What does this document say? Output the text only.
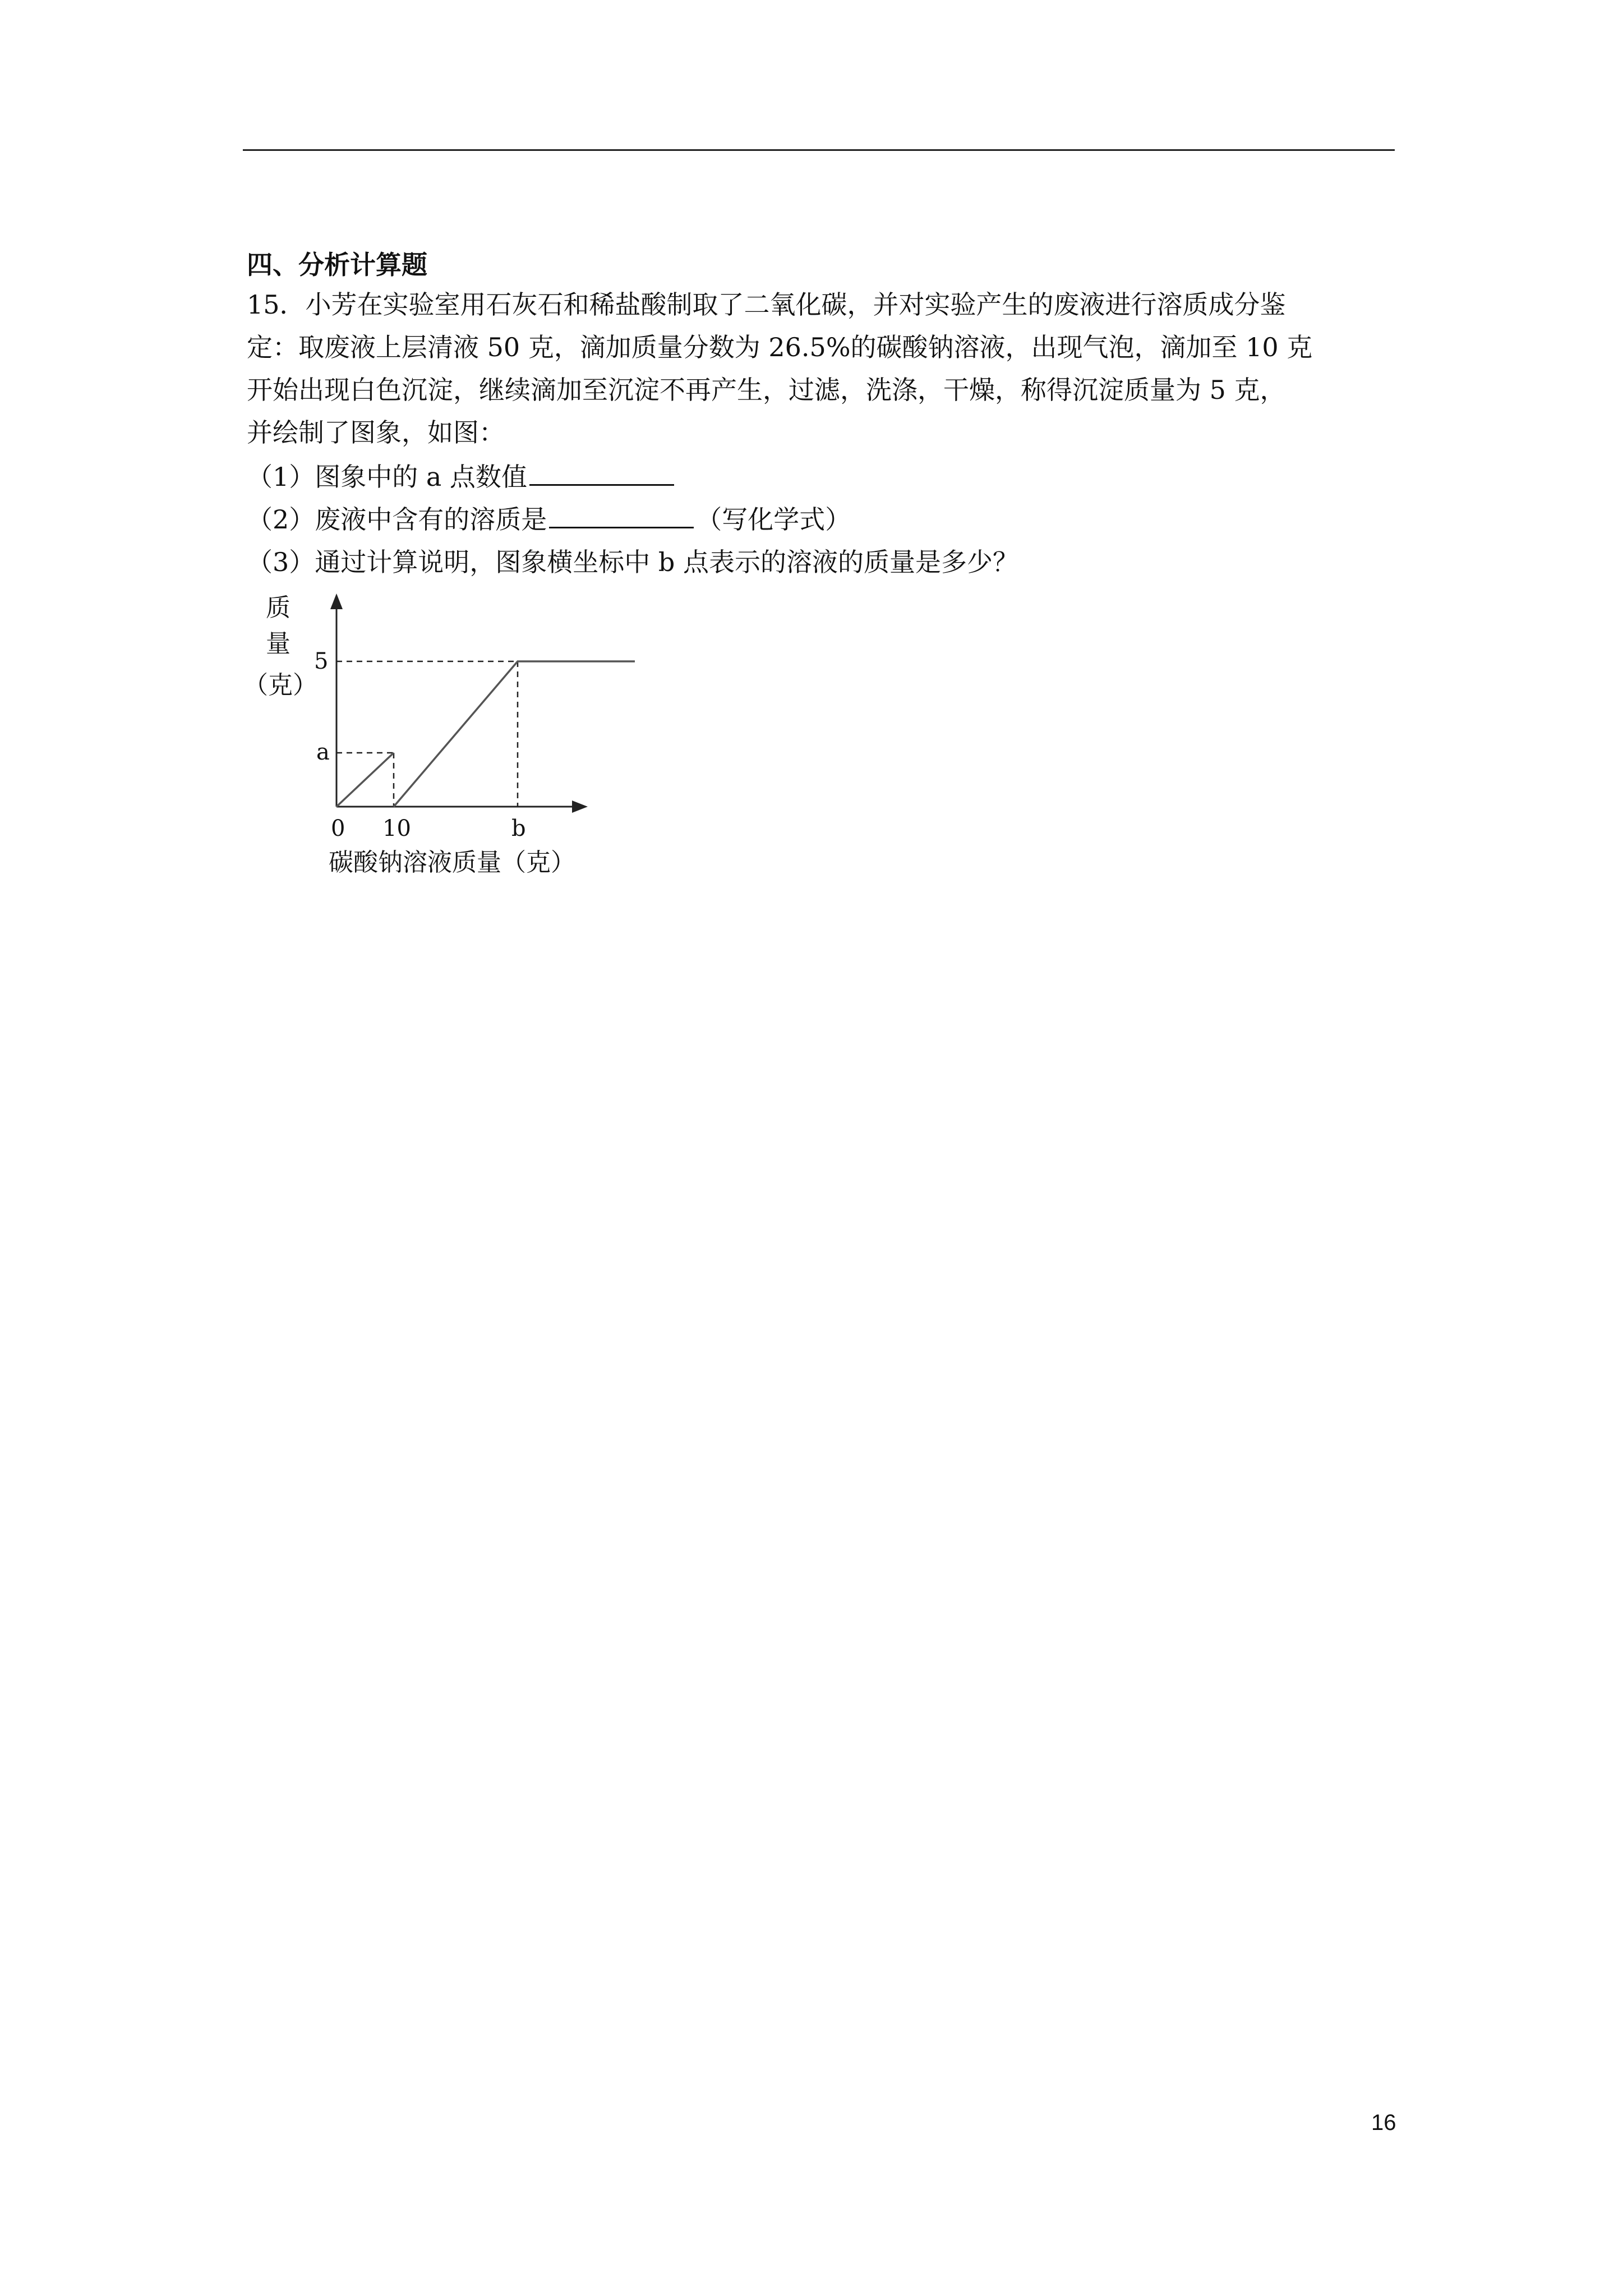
四、分析计算题

15．小芳在实验室用石灰石和稀盐酸制取了二氧化碳，并对实验产生的废液进行溶质成分鉴

定：取废液上层清液 50 克，滴加质量分数为 26.5%的碳酸钠溶液，出现气泡，滴加至 10 克

开始出现白色沉淀，继续滴加至沉淀不再产生，过滤，洗涤，干燥，称得沉淀质量为 5 克，

并绘制了图象，如图：

（1）图象中的 a 点数值
（2）废液中含有的溶质是	（写化学式）
（3）通过计算说明，图象横坐标中 b 点表示的溶液的质量是多少？
质
量
（克）
a
5
0 10	b
碳酸钠溶液质量（克）
16
